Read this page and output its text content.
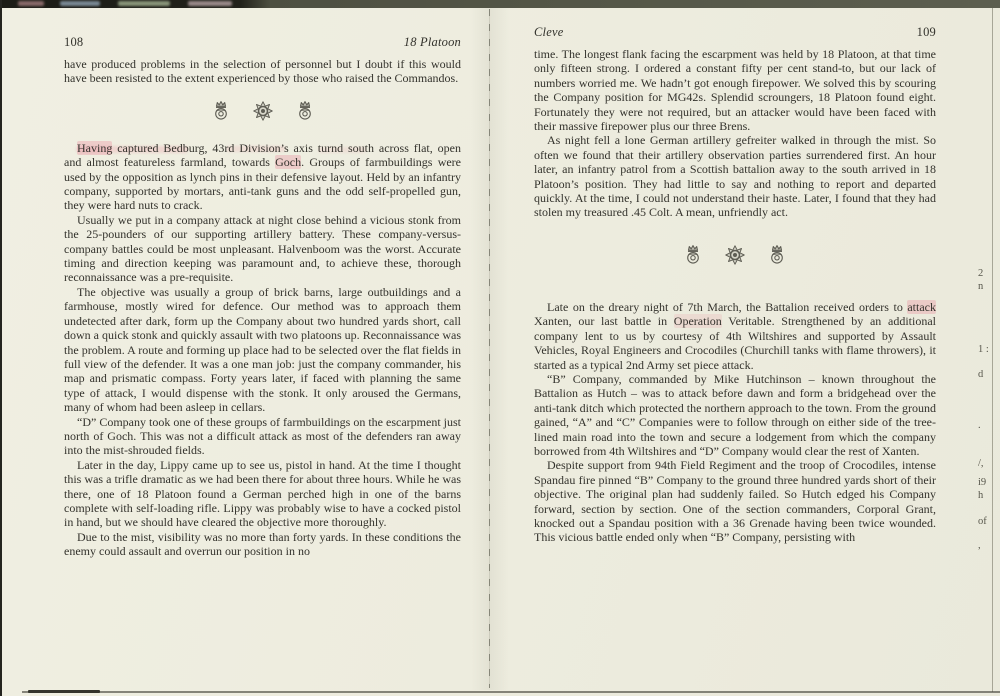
2
n
1 :
d
.
/,
i9
h
of
,
108	18 Platoon

have produced problems in the selection of personnel but I doubt if this would have been resisted to the extent experienced by those who raised the Commandos.

Having captured Bedburg, 43rd Division’s axis turnd south across flat, open and almost featureless farmland, towards Goch. Groups of farmbuildings were used by the opposition as lynch pins in their defensive layout. Held by an infantry company, supported by mortars, anti-tank guns and the odd self-propelled gun, they were hard nuts to crack.

Usually we put in a company attack at night close behind a vicious stonk from the 25-pounders of our supporting artillery battery. These company-versus-company battles could be most unpleasant. Halvenboom was the worst. Accurate timing and direction keeping was paramount and, to achieve these, thorough reconnaissance was a pre-requisite.

The objective was usually a group of brick barns, large outbuildings and a farmhouse, mostly wired for defence. Our method was to approach them undetected after dark, form up the Company about two hundred yards short, call down a quick stonk and quickly assault with two platoons up. Reconnaissance was the problem. A route and forming up place had to be selected over the flat fields in full view of the defender. It was a one man job: just the company commander, his map and prismatic compass. Forty years later, if faced with planning the same type of attack, I would dispense with the stonk. It only aroused the Germans, many of whom had been asleep in cellars.

“D” Company took one of these groups of farmbuildings on the escarpment just north of Goch. This was not a difficult attack as most of the defenders ran away into the mist-shrouded fields.

Later in the day, Lippy came up to see us, pistol in hand. At the time I thought this was a trifle dramatic as we had been there for about three hours. While he was there, one of 18 Platoon found a German perched high in one of the barns complete with self-loading rifle. Lippy was probably wise to have a cocked pistol in hand, but we should have cleared the objective more thoroughly.

Due to the mist, visibility was no more than forty yards. In these conditions the enemy could assault and overrun our position in no

Cleve	109

time. The longest flank facing the escarpment was held by 18 Platoon, at that time only fifteen strong. I ordered a constant fifty per cent stand-to, but our lack of numbers worried me. We hadn’t got enough firepower. We solved this by scouring the Company position for MG42s. Splendid scroungers, 18 Platoon found eight. Fortunately they were not required, but an attacker would have been faced with their massive firepower plus our three Brens.

As night fell a lone German artillery gefreiter walked in through the mist. So often we found that their artillery observation parties surrendered first. An hour later, an infantry patrol from a Scottish battalion away to the south arrived in 18 Platoon’s position. They had little to say and nothing to report and departed quickly. At the time, I could not understand their haste. Later, I found that they had stolen my treasured .45 Colt. A mean, unfriendly act.

Late on the dreary night of 7th March, the Battalion received orders to attack Xanten, our last battle in Operation Veritable. Strengthened by an additional company lent to us by courtesy of 4th Wiltshires and supported by Assault Vehicles, Royal Engineers and Crocodiles (Churchill tanks with flame throwers), it started as a typical 2nd Army set piece attack.

“B” Company, commanded by Mike Hutchinson – known throughout the Battalion as Hutch – was to attack before dawn and form a bridgehead over the anti-tank ditch which protected the northern approach to the town. From the ground gained, “A” and “C” Companies were to follow through on either side of the tree-lined main road into the town and secure a lodgement from which the company borrowed from 4th Wiltshires and “D” Company would clear the rest of Xanten.

Despite support from 94th Field Regiment and the troop of Crocodiles, intense Spandau fire pinned “B” Company to the ground three hundred yards short of their objective. The original plan had suddenly failed. So Hutch edged his Company forward, section by section. One of the section commanders, Corporal Grant, knocked out a Spandau position with a 36 Grenade having been twice wounded. This vicious battle ended only when “B” Company, persisting with
